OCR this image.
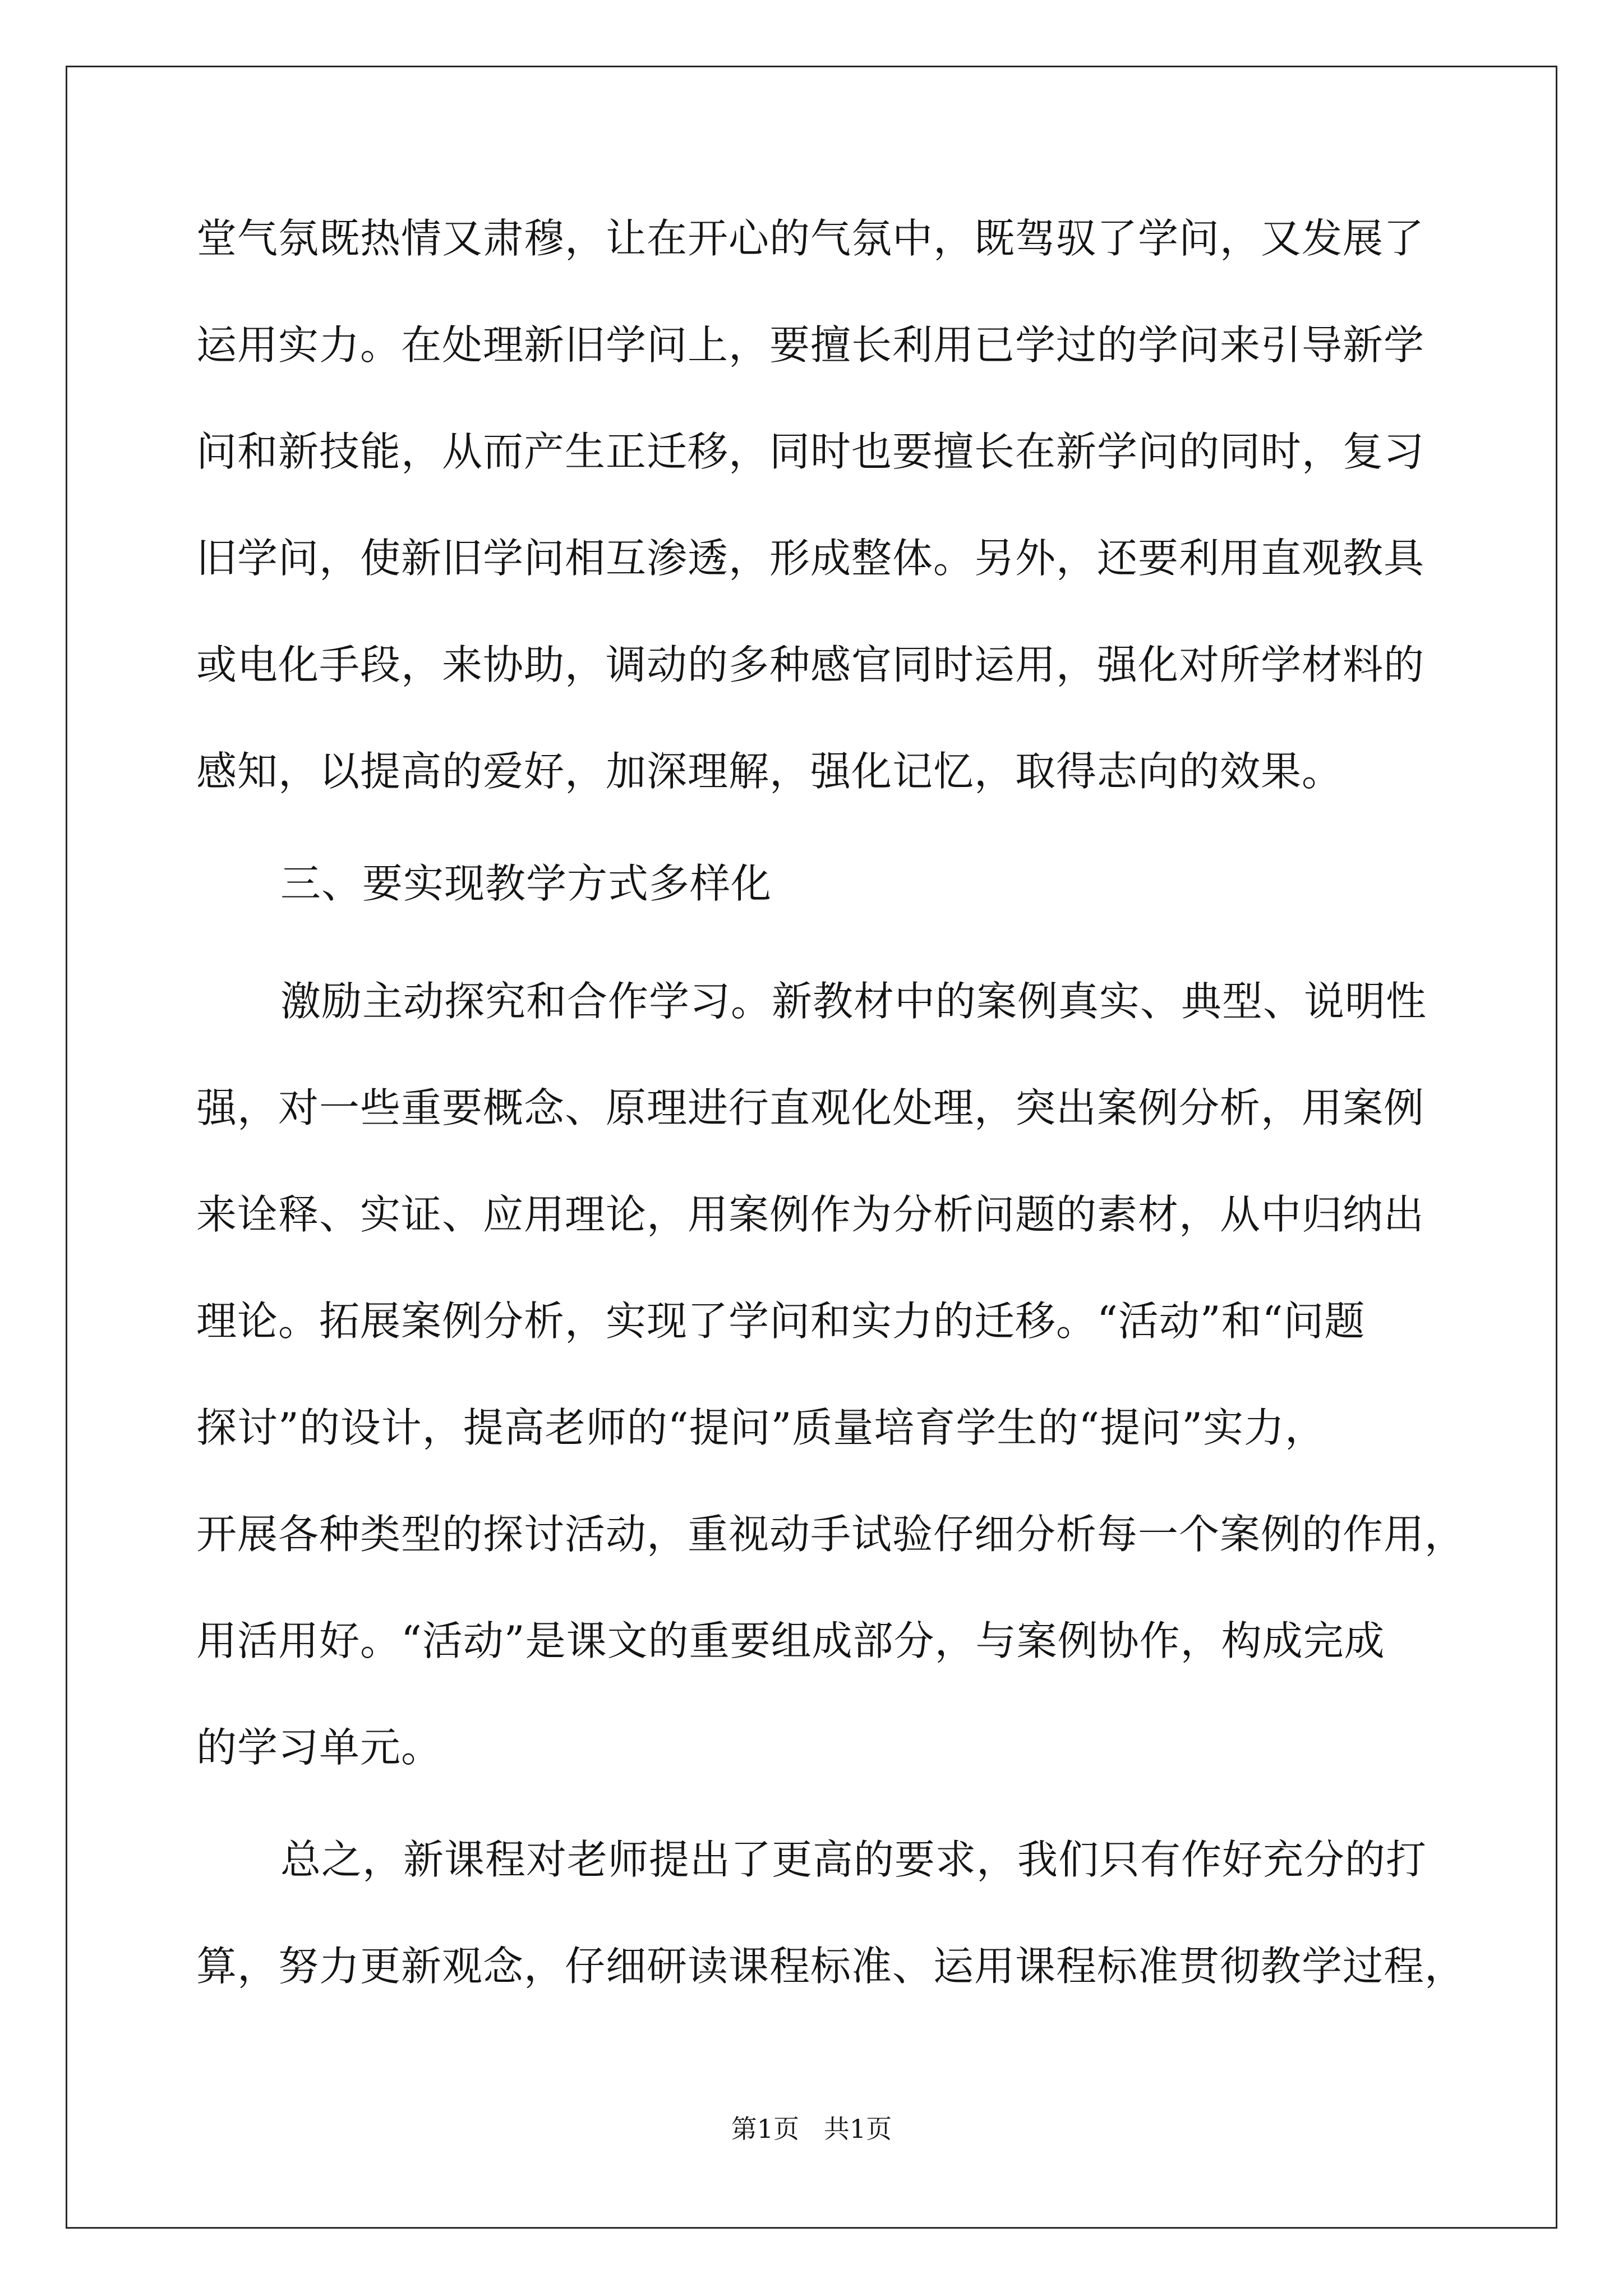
堂气氛既热情又肃穆，让在开心的气氛中，既驾驭了学问，又发展了

运用实力。在处理新旧学问上，要擅长利用已学过的学问来引导新学

问和新技能，从而产生正迁移，同时也要擅长在新学问的同时，复习

旧学问，使新旧学问相互渗透，形成整体。另外，还要利用直观教具

或电化手段，来协助，调动的多种感官同时运用，强化对所学材料的

感知，以提高的爱好，加深理解，强化记忆，取得志向的效果。

三、要实现教学方式多样化

激励主动探究和合作学习。新教材中的案例真实、典型、说明性

强，对一些重要概念、原理进行直观化处理，突出案例分析，用案例

来诠释、实证、应用理论，用案例作为分析问题的素材，从中归纳出

理论。拓展案例分析，实现了学问和实力的迁移。“活动”和“问题

探讨”的设计，提高老师的“提问”质量培育学生的“提问”实力，

开展各种类型的探讨活动，重视动手试验仔细分析每一个案例的作用，

用活用好。“活动”是课文的重要组成部分，与案例协作，构成完成

的学习单元。

总之，新课程对老师提出了更高的要求，我们只有作好充分的打

算，努力更新观念，仔细研读课程标准、运用课程标准贯彻教学过程，

第1页   共1页
